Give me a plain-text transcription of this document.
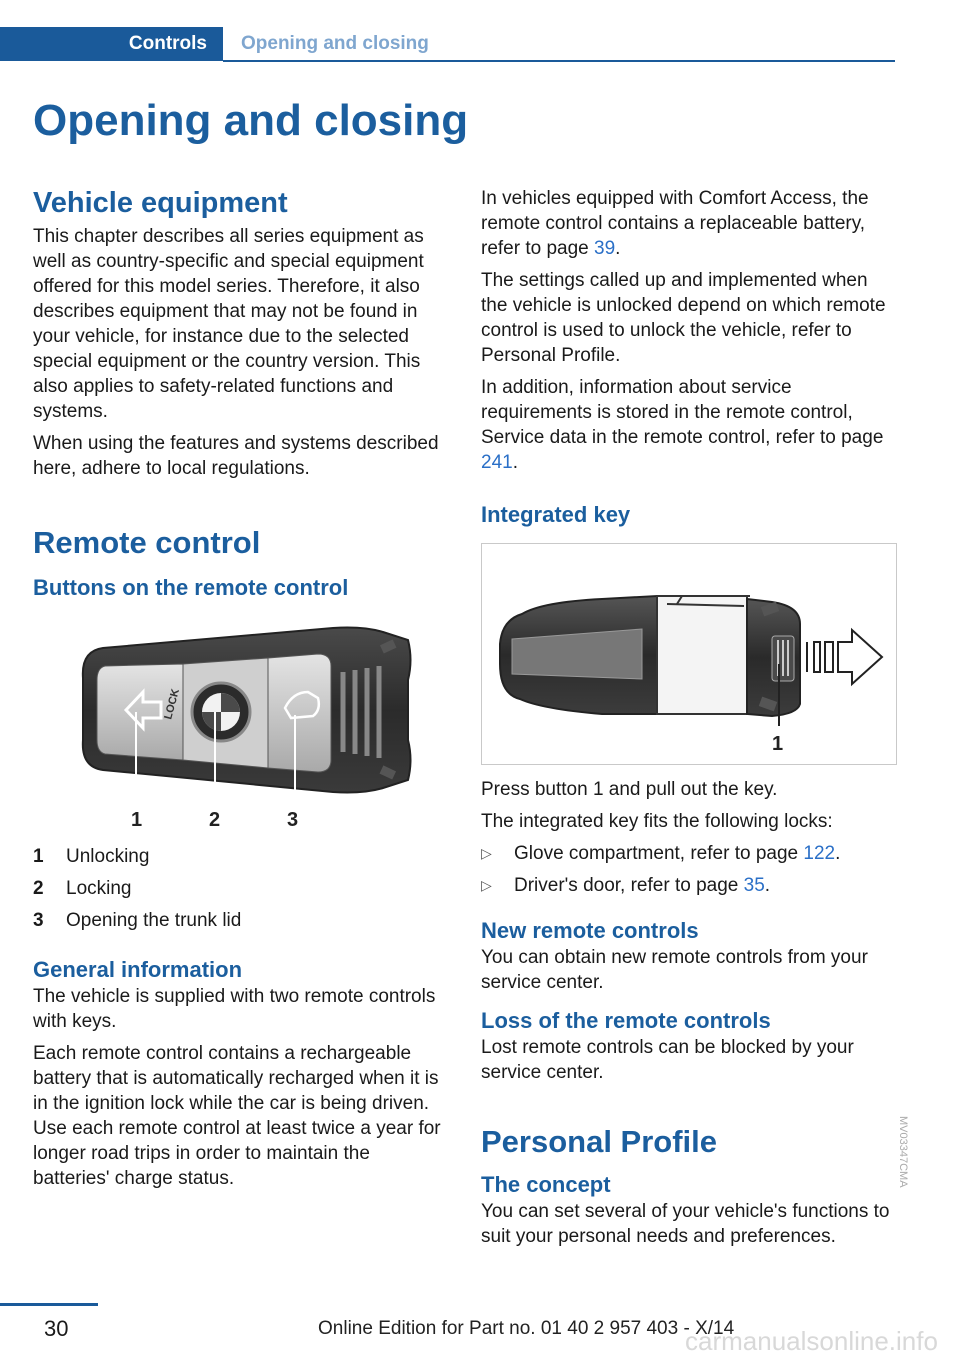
Controls	Opening and closing
Opening and closing
Vehicle equipment

This chapter describes all series equipment as well as country-specific and special equipment offered for this model series. Therefore, it also describes equipment that may not be found in your vehicle, for instance due to the selected special equipment or the country version. This also applies to safety-related functions and systems.

When using the features and systems described here, adhere to local regulations.

Remote control
Buttons on the remote control
LOCK
1	2	3
1	Unlocking
2	Locking
3	Opening the trunk lid
General information

The vehicle is supplied with two remote controls with keys.

Each remote control contains a rechargeable battery that is automatically recharged when it is in the ignition lock while the car is being driven. Use each remote control at least twice a year for longer road trips in order to maintain the batteries' charge status.

In vehicles equipped with Comfort Access, the remote control contains a replaceable battery, refer to page 39.

The settings called up and implemented when the vehicle is unlocked depend on which remote control is used to unlock the vehicle, refer to Personal Profile.

In addition, information about service requirements is stored in the remote control, Service data in the remote control, refer to page 241.

Integrated key
1
MV03347CMA

Press button 1 and pull out the key.

The integrated key fits the following locks:

▷	Glove compartment, refer to page 122.
▷	Driver's door, refer to page 35.
New remote controls

You can obtain new remote controls from your service center.

Loss of the remote controls

Lost remote controls can be blocked by your service center.

Personal Profile
The concept

You can set several of your vehicle's functions to suit your personal needs and preferences.

30	Online Edition for Part no. 01 40 2 957 403 - X/14
carmanualsonline.info
